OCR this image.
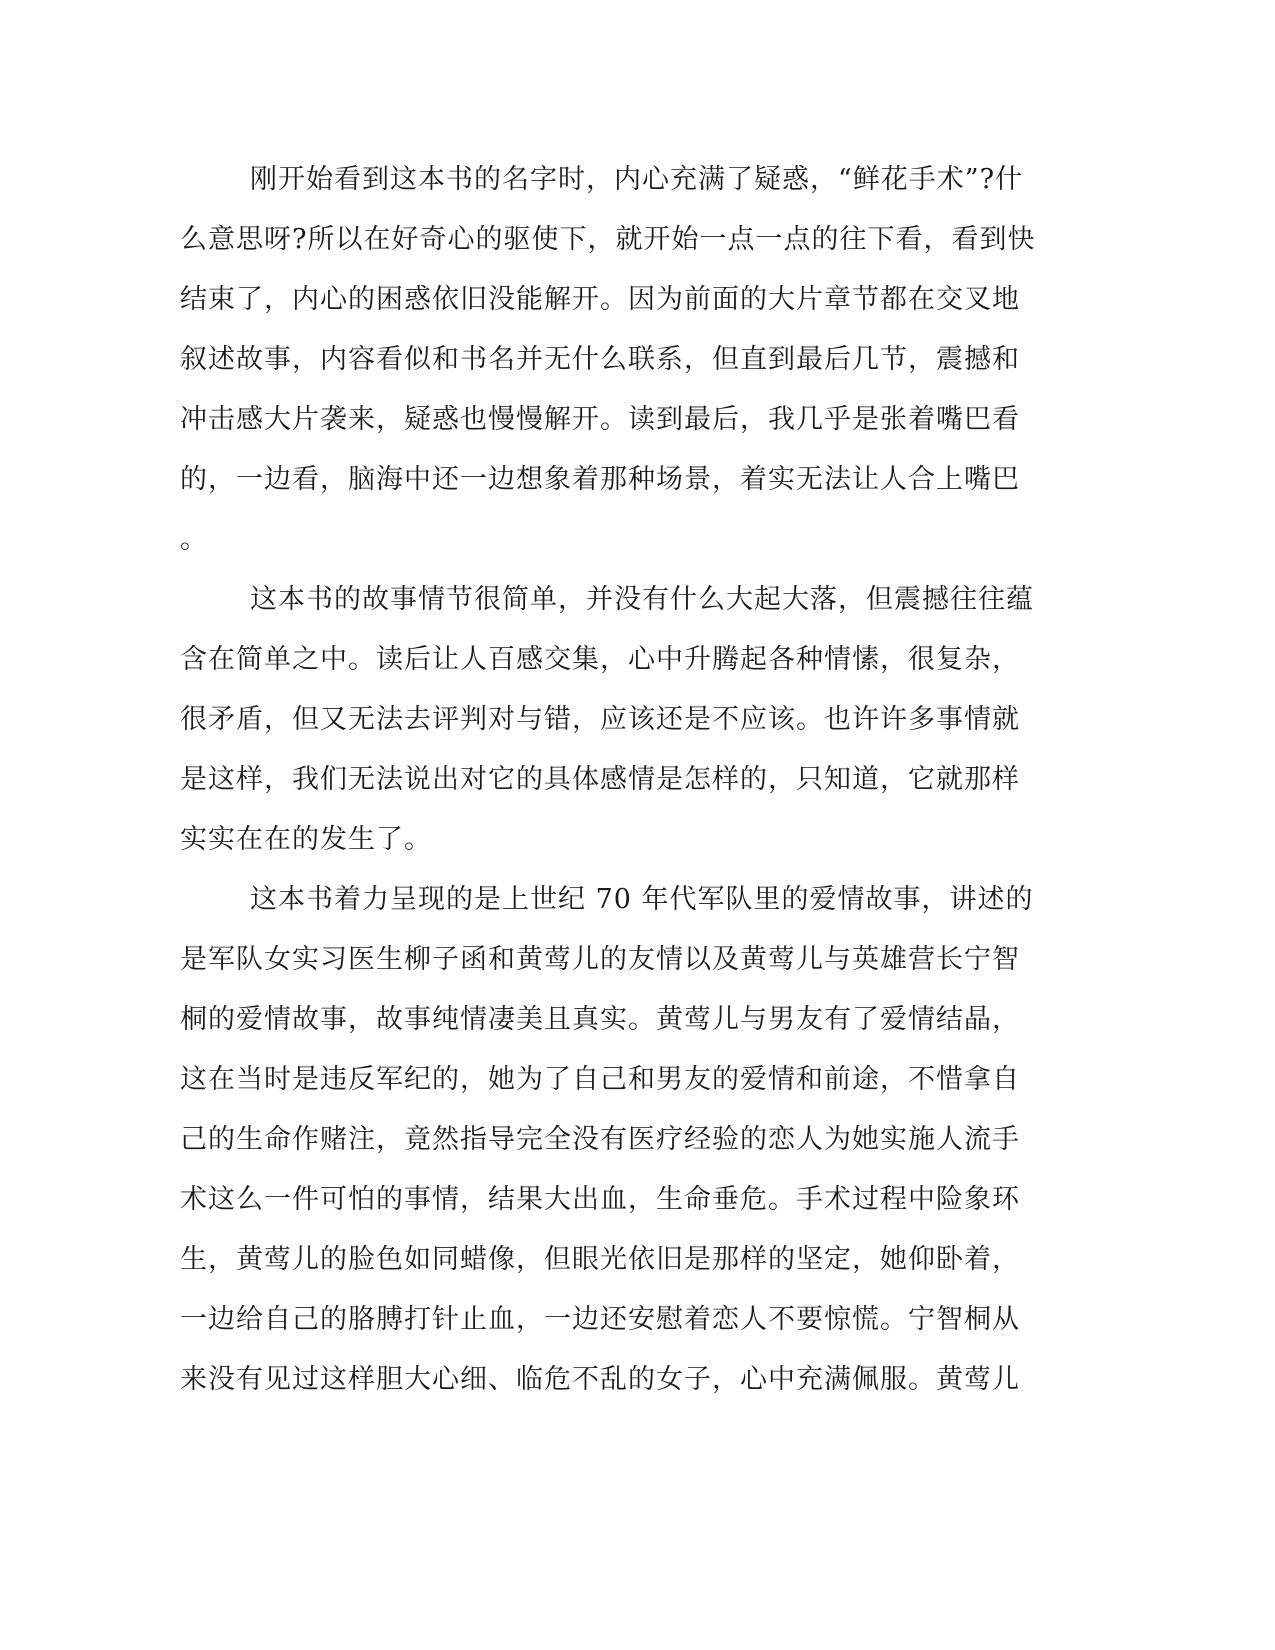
刚开始看到这本书的名字时，内心充满了疑惑，“鲜花手术”?什
么意思呀?所以在好奇心的驱使下，就开始一点一点的往下看，看到快
结束了，内心的困惑依旧没能解开。因为前面的大片章节都在交叉地
叙述故事，内容看似和书名并无什么联系，但直到最后几节，震撼和
冲击感大片袭来，疑惑也慢慢解开。读到最后，我几乎是张着嘴巴看
的，一边看，脑海中还一边想象着那种场景，着实无法让人合上嘴巴
。
这本书的故事情节很简单，并没有什么大起大落，但震撼往往蕴
含在简单之中。读后让人百感交集，心中升腾起各种情愫，很复杂，
很矛盾，但又无法去评判对与错，应该还是不应该。也许许多事情就
是这样，我们无法说出对它的具体感情是怎样的，只知道，它就那样
实实在在的发生了。
这本书着力呈现的是上世纪 70 年代军队里的爱情故事，讲述的
是军队女实习医生柳子函和黄莺儿的友情以及黄莺儿与英雄营长宁智
桐的爱情故事，故事纯情凄美且真实。黄莺儿与男友有了爱情结晶，
这在当时是违反军纪的，她为了自己和男友的爱情和前途，不惜拿自
己的生命作赌注，竟然指导完全没有医疗经验的恋人为她实施人流手
术这么一件可怕的事情，结果大出血，生命垂危。手术过程中险象环
生，黄莺儿的脸色如同蜡像，但眼光依旧是那样的坚定，她仰卧着，
一边给自己的胳膊打针止血，一边还安慰着恋人不要惊慌。宁智桐从
来没有见过这样胆大心细、临危不乱的女子，心中充满佩服。黄莺儿
